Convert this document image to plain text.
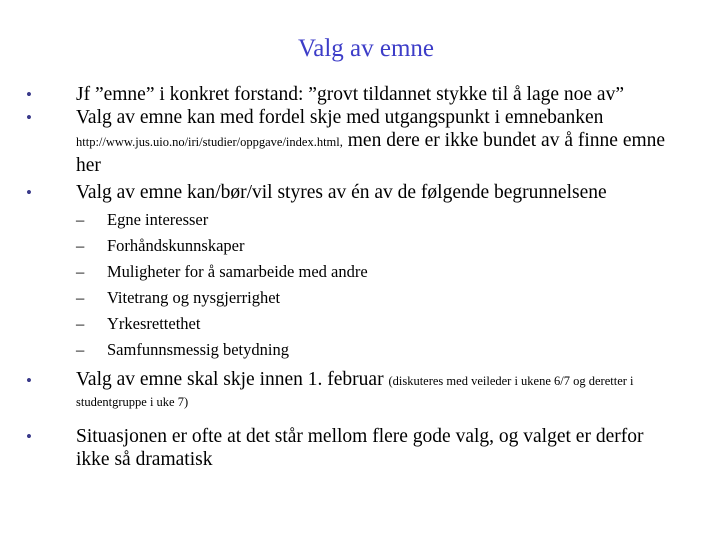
Valg av emne
• Jf ”emne” i konkret forstand: ”grovt tildannet stykke til å lage noe av”
• Valg av emne kan med fordel skje med utgangspunkt i emnebanken http://www.jus.uio.no/iri/studier/oppgave/index.html, men dere er ikke bundet av å finne emne her
• Valg av emne kan/bør/vil styres av én av de følgende begrunnelsene
– Egne interesser
– Forhåndskunnskaper
– Muligheter for å samarbeide med andre
– Vitetrang og nysgjerrighet
– Yrkesrettethet
– Samfunnsmessig betydning
• Valg av emne skal skje innen 1. februar (diskuteres med veileder i ukene 6/7 og deretter i studentgruppe i uke 7)
• Situasjonen er ofte at det står mellom flere gode valg, og valget er derfor ikke så dramatisk
